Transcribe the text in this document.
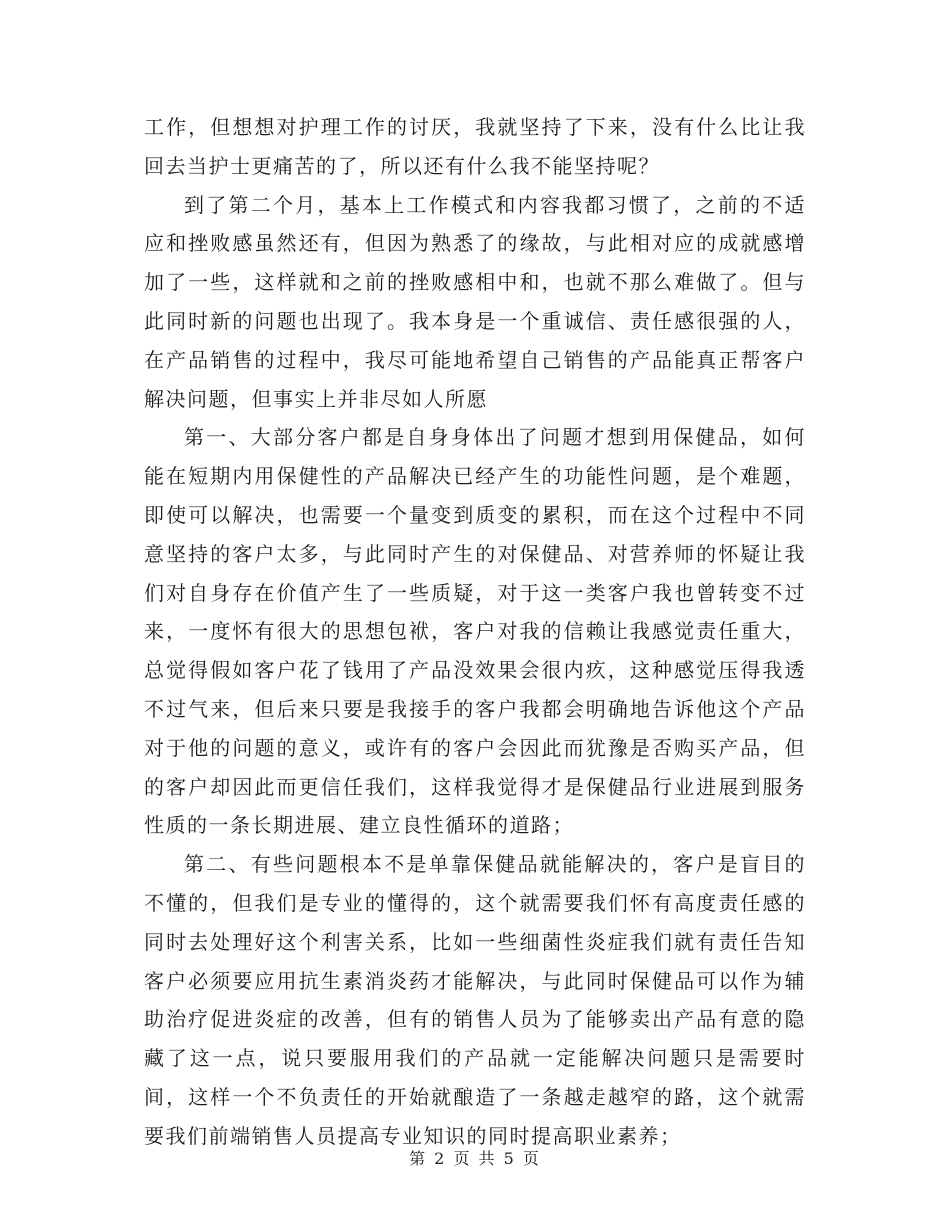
工作，但想想对护理工作的讨厌，我就坚持了下来，没有什么比让我回去当护士更痛苦的了，所以还有什么我不能坚持呢？

到了第二个月，基本上工作模式和内容我都习惯了，之前的不适应和挫败感虽然还有，但因为熟悉了的缘故，与此相对应的成就感增加了一些，这样就和之前的挫败感相中和，也就不那么难做了。但与此同时新的问题也出现了。我本身是一个重诚信、责任感很强的人，在产品销售的过程中，我尽可能地希望自己销售的产品能真正帮客户解决问题，但事实上并非尽如人所愿

第一、大部分客户都是自身身体出了问题才想到用保健品，如何能在短期内用保健性的产品解决已经产生的功能性问题，是个难题，即使可以解决，也需要一个量变到质变的累积，而在这个过程中不同意坚持的客户太多，与此同时产生的对保健品、对营养师的怀疑让我们对自身存在价值产生了一些质疑，对于这一类客户我也曾转变不过来，一度怀有很大的思想包袱，客户对我的信赖让我感觉责任重大，总觉得假如客户花了钱用了产品没效果会很内疚，这种感觉压得我透不过气来，但后来只要是我接手的客户我都会明确地告诉他这个产品对于他的问题的意义，或许有的客户会因此而犹豫是否购买产品，但的客户却因此而更信任我们，这样我觉得才是保健品行业进展到服务性质的一条长期进展、建立良性循环的道路；

第二、有些问题根本不是单靠保健品就能解决的，客户是盲目的不懂的，但我们是专业的懂得的，这个就需要我们怀有高度责任感的同时去处理好这个利害关系，比如一些细菌性炎症我们就有责任告知客户必须要应用抗生素消炎药才能解决，与此同时保健品可以作为辅助治疗促进炎症的改善，但有的销售人员为了能够卖出产品有意的隐藏了这一点，说只要服用我们的产品就一定能解决问题只是需要时间，这样一个不负责任的开始就酿造了一条越走越窄的路，这个就需要我们前端销售人员提高专业知识的同时提高职业素养；

第 2 页 共 5 页
